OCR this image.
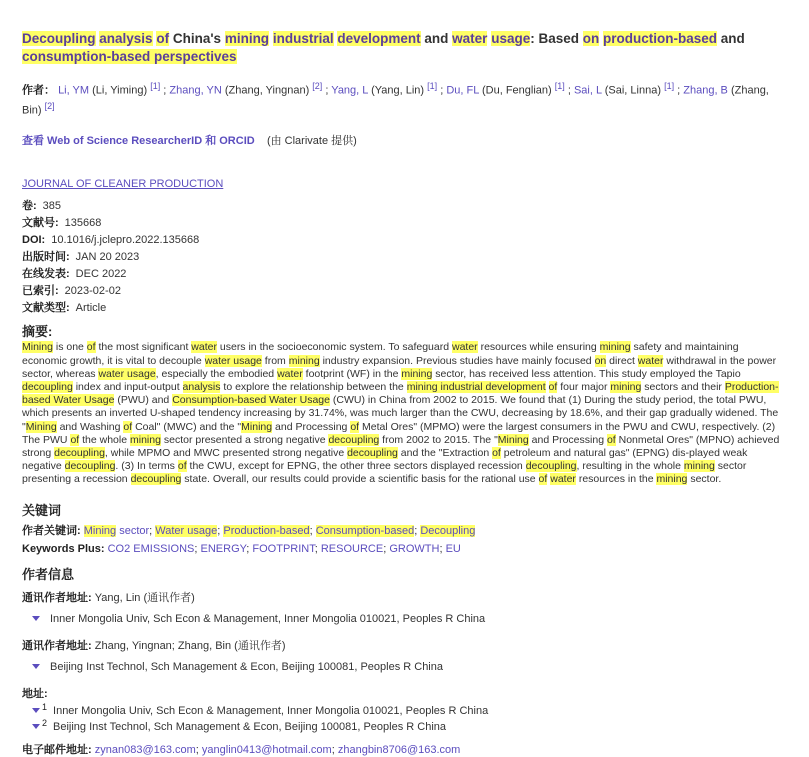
Decoupling analysis of China's mining industrial development and water usage: Based on production-based and consumption-based perspectives
作者： Li, YM (Li, Yiming) [1] ; Zhang, YN (Zhang, Yingnan) [2] ; Yang, L (Yang, Lin) [1] ; Du, FL (Du, Fenglian) [1] ; Sai, L (Sai, Linna) [1] ; Zhang, B (Zhang, Bin) [2]
查看 Web of Science ResearcherID 和 ORCID (由 Clarivate 提供)
JOURNAL OF CLEANER PRODUCTION
卷: 385
文献号: 135668
DOI: 10.1016/j.jclepro.2022.135668
出版时间: JAN 20 2023
在线发表: DEC 2022
已索引: 2023-02-02
文献类型: Article
摘要:
Mining is one of the most significant water users in the socioeconomic system. To safeguard water resources while ensuring mining safety and maintaining economic growth, it is vital to decouple water usage from mining industry expansion. Previous studies have mainly focused on direct water withdrawal in the power sector, whereas water usage, especially the embodied water footprint (WF) in the mining sector, has received less attention. This study employed the Tapio decoupling index and input-output analysis to explore the relationship between the mining industrial development of four major mining sectors and their Production-based Water Usage (PWU) and Consumption-based Water Usage (CWU) in China from 2002 to 2015. We found that (1) During the study period, the total PWU, which presents an inverted U-shaped tendency increasing by 31.74%, was much larger than the CWU, decreasing by 18.6%, and their gap gradually widened. The "Mining and Washing of Coal" (MWC) and the "Mining and Processing of Metal Ores" (MPMO) were the largest consumers in the PWU and CWU, respectively. (2) The PWU of the whole mining sector presented a strong negative decoupling from 2002 to 2015. The "Mining and Processing of Nonmetal Ores" (MPNO) achieved strong decoupling, while MPMO and MWC presented strong negative decoupling and the "Extraction of petroleum and natural gas" (EPNG) dis-played weak negative decoupling. (3) In terms of the CWU, except for EPNG, the other three sectors displayed recession decoupling, resulting in the whole mining sector presenting a recession decoupling state. Overall, our results could provide a scientific basis for the rational use of water resources in the mining sector.
关键词
作者关键词: Mining sector; Water usage; Production-based; Consumption-based; Decoupling
Keywords Plus: CO2 EMISSIONS; ENERGY; FOOTPRINT; RESOURCE; GROWTH; EU
作者信息
通讯作者地址: Yang, Lin (通讯作者)
Inner Mongolia Univ, Sch Econ & Management, Inner Mongolia 010021, Peoples R China
通讯作者地址: Zhang, Yingnan; Zhang, Bin (通讯作者)
Beijing Inst Technol, Sch Management & Econ, Beijing 100081, Peoples R China
地址:
$^1$ Inner Mongolia Univ, Sch Econ & Management, Inner Mongolia 010021, Peoples R China
$^2$ Beijing Inst Technol, Sch Management & Econ, Beijing 100081, Peoples R China
电子邮件地址: zynan083@163.com; yanglin0413@hotmail.com; zhangbin8706@163.com
